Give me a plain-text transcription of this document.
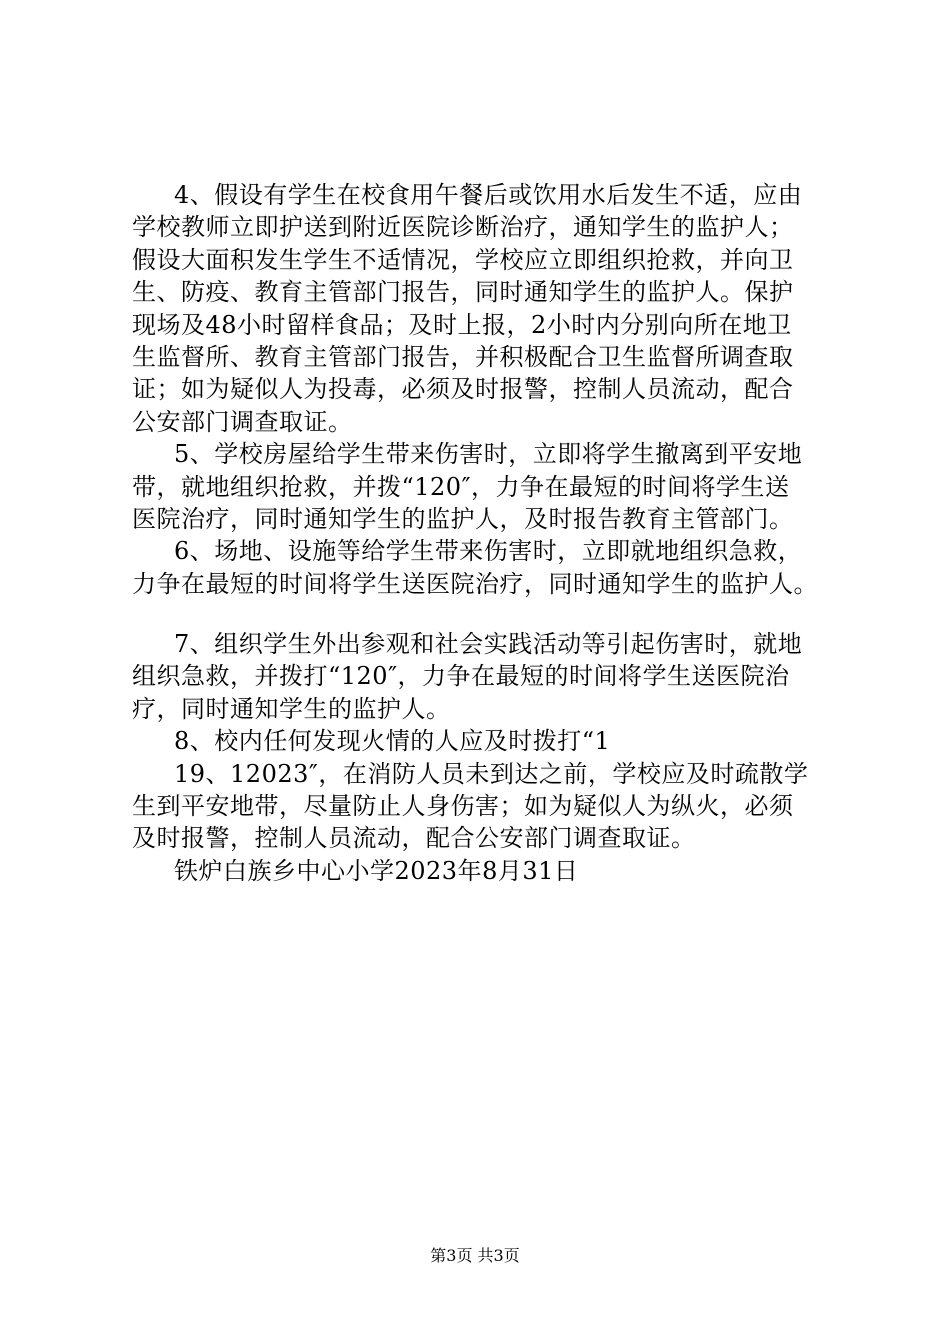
4、假设有学生在校食用午餐后或饮用水后发生不适，应由
学校教师立即护送到附近医院诊断治疗，通知学生的监护人；
假设大面积发生学生不适情况，学校应立即组织抢救，并向卫
生、防疫、教育主管部门报告，同时通知学生的监护人。保护
现场及48小时留样食品；及时上报，2小时内分别向所在地卫
生监督所、教育主管部门报告，并积极配合卫生监督所调查取
证；如为疑似人为投毒，必须及时报警，控制人员流动，配合
公安部门调查取证。
5、学校房屋给学生带来伤害时，立即将学生撤离到平安地
带，就地组织抢救，并拨“120″，力争在最短的时间将学生送
医院治疗，同时通知学生的监护人，及时报告教育主管部门。
6、场地、设施等给学生带来伤害时，立即就地组织急救，
力争在最短的时间将学生送医院治疗，同时通知学生的监护人。
7、组织学生外出参观和社会实践活动等引起伤害时，就地
组织急救，并拨打“120″，力争在最短的时间将学生送医院治
疗，同时通知学生的监护人。
8、校内任何发现火情的人应及时拨打“1
19、12023″，在消防人员未到达之前，学校应及时疏散学
生到平安地带，尽量防止人身伤害；如为疑似人为纵火，必须
及时报警，控制人员流动，配合公安部门调查取证。
铁炉白族乡中心小学2023年8月31日
第3页 共3页
